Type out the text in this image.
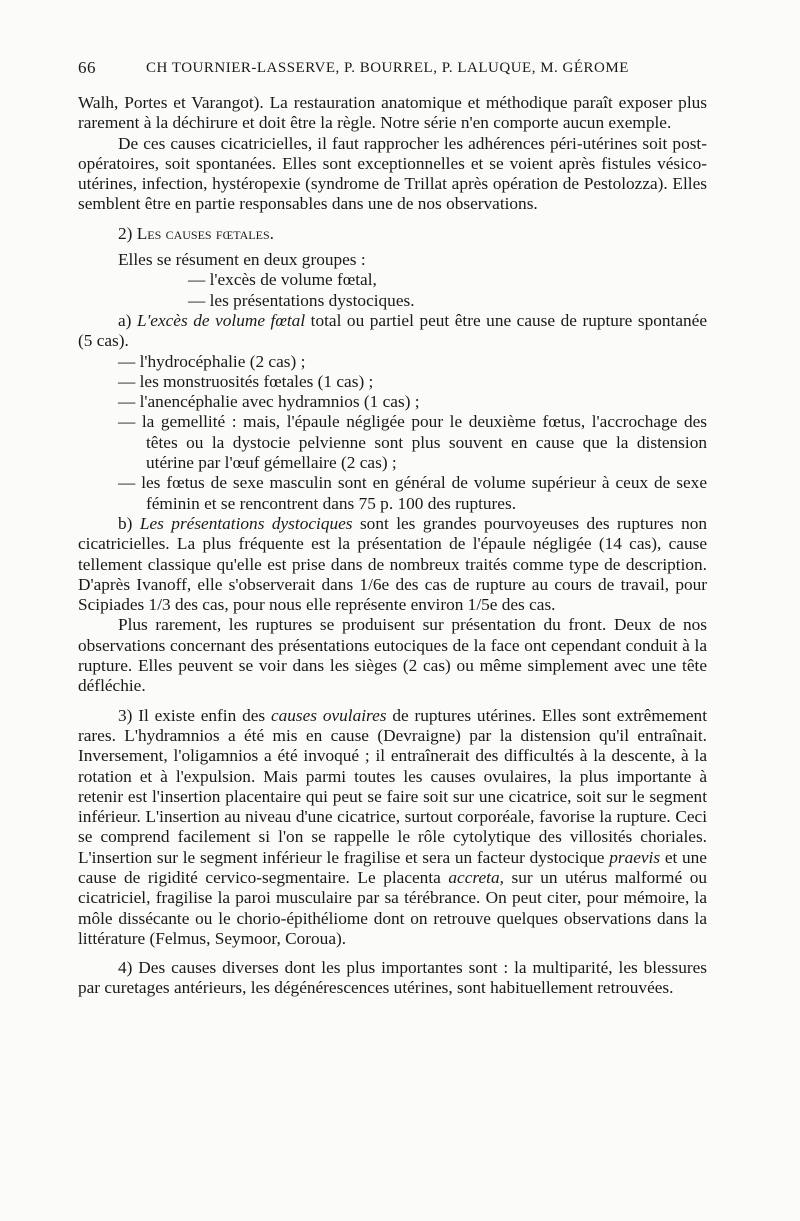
66	CH TOURNIER-LASSERVE, P. BOURREL, P. LALUQUE, M. GÉROME

Walh, Portes et Varangot). La restauration anatomique et méthodique paraît exposer plus rarement à la déchirure et doit être la règle. Notre série n'en comporte aucun exemple.

De ces causes cicatricielles, il faut rapprocher les adhérences péri-utérines soit post-opératoires, soit spontanées. Elles sont exceptionnelles et se voient après fistules vésico-utérines, infection, hystéropexie (syndrome de Trillat après opération de Pestolozza). Elles semblent être en partie responsables dans une de nos observations.

2) Les causes fœtales.

Elles se résument en deux groupes :

— l'excès de volume fœtal,

— les présentations dystociques.

a) L'excès de volume fœtal total ou partiel peut être une cause de rupture spontanée (5 cas).

— l'hydrocéphalie (2 cas) ;

— les monstruosités fœtales (1 cas) ;

— l'anencéphalie avec hydramnios (1 cas) ;

— la gemellité : mais, l'épaule négligée pour le deuxième fœtus, l'accrochage des têtes ou la dystocie pelvienne sont plus souvent en cause que la distension utérine par l'œuf gémellaire (2 cas) ;

— les fœtus de sexe masculin sont en général de volume supérieur à ceux de sexe féminin et se rencontrent dans 75 p. 100 des ruptures.

b) Les présentations dystociques sont les grandes pourvoyeuses des ruptures non cicatricielles. La plus fréquente est la présentation de l'épaule négligée (14 cas), cause tellement classique qu'elle est prise dans de nombreux traités comme type de description. D'après Ivanoff, elle s'observerait dans 1/6e des cas de rupture au cours de travail, pour Scipiades 1/3 des cas, pour nous elle représente environ 1/5e des cas.

Plus rarement, les ruptures se produisent sur présentation du front. Deux de nos observations concernant des présentations eutociques de la face ont cependant conduit à la rupture. Elles peuvent se voir dans les sièges (2 cas) ou même simplement avec une tête défléchie.

3) Il existe enfin des causes ovulaires de ruptures utérines. Elles sont extrêmement rares. L'hydramnios a été mis en cause (Devraigne) par la distension qu'il entraînait. Inversement, l'oligamnios a été invoqué ; il entraînerait des difficultés à la descente, à la rotation et à l'expulsion. Mais parmi toutes les causes ovulaires, la plus importante à retenir est l'insertion placentaire qui peut se faire soit sur une cicatrice, soit sur le segment inférieur. L'insertion au niveau d'une cicatrice, surtout corporéale, favorise la rupture. Ceci se comprend facilement si l'on se rappelle le rôle cytolytique des villosités choriales. L'insertion sur le segment inférieur le fragilise et sera un facteur dystocique praevis et une cause de rigidité cervico-segmentaire. Le placenta accreta, sur un utérus malformé ou cicatriciel, fragilise la paroi musculaire par sa térébrance. On peut citer, pour mémoire, la môle dissécante ou le chorio-épithéliome dont on retrouve quelques observations dans la littérature (Felmus, Seymoor, Coroua).

4) Des causes diverses dont les plus importantes sont : la multiparité, les blessures par curetages antérieurs, les dégénérescences utérines, sont habituellement retrouvées.
